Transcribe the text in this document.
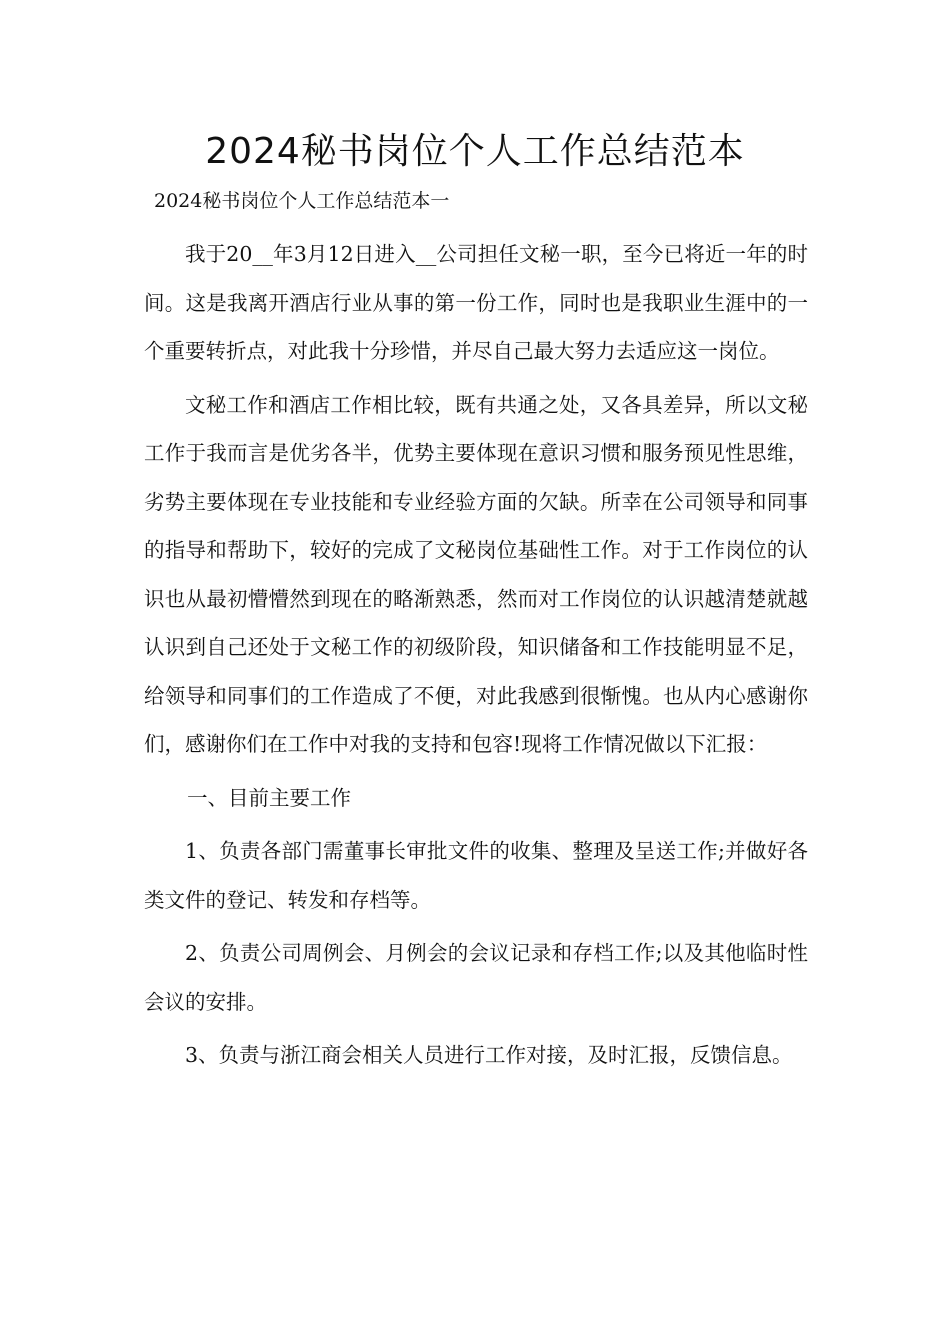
2024秘书岗位个人工作总结范本
2024秘书岗位个人工作总结范本一

我于20__年3月12日进入__公司担任文秘一职，至今已将近一年的时间。这是我离开酒店行业从事的第一份工作，同时也是我职业生涯中的一个重要转折点，对此我十分珍惜，并尽自己最大努力去适应这一岗位。

文秘工作和酒店工作相比较，既有共通之处，又各具差异，所以文秘工作于我而言是优劣各半，优势主要体现在意识习惯和服务预见性思维，劣势主要体现在专业技能和专业经验方面的欠缺。所幸在公司领导和同事的指导和帮助下，较好的完成了文秘岗位基础性工作。对于工作岗位的认识也从最初懵懵然到现在的略渐熟悉，然而对工作岗位的认识越清楚就越认识到自己还处于文秘工作的初级阶段，知识储备和工作技能明显不足，给领导和同事们的工作造成了不便，对此我感到很惭愧。也从内心感谢你们，感谢你们在工作中对我的支持和包容!现将工作情况做以下汇报：

一、目前主要工作

1、负责各部门需董事长审批文件的收集、整理及呈送工作;并做好各类文件的登记、转发和存档等。

2、负责公司周例会、月例会的会议记录和存档工作;以及其他临时性会议的安排。

3、负责与浙江商会相关人员进行工作对接，及时汇报，反馈信息。
